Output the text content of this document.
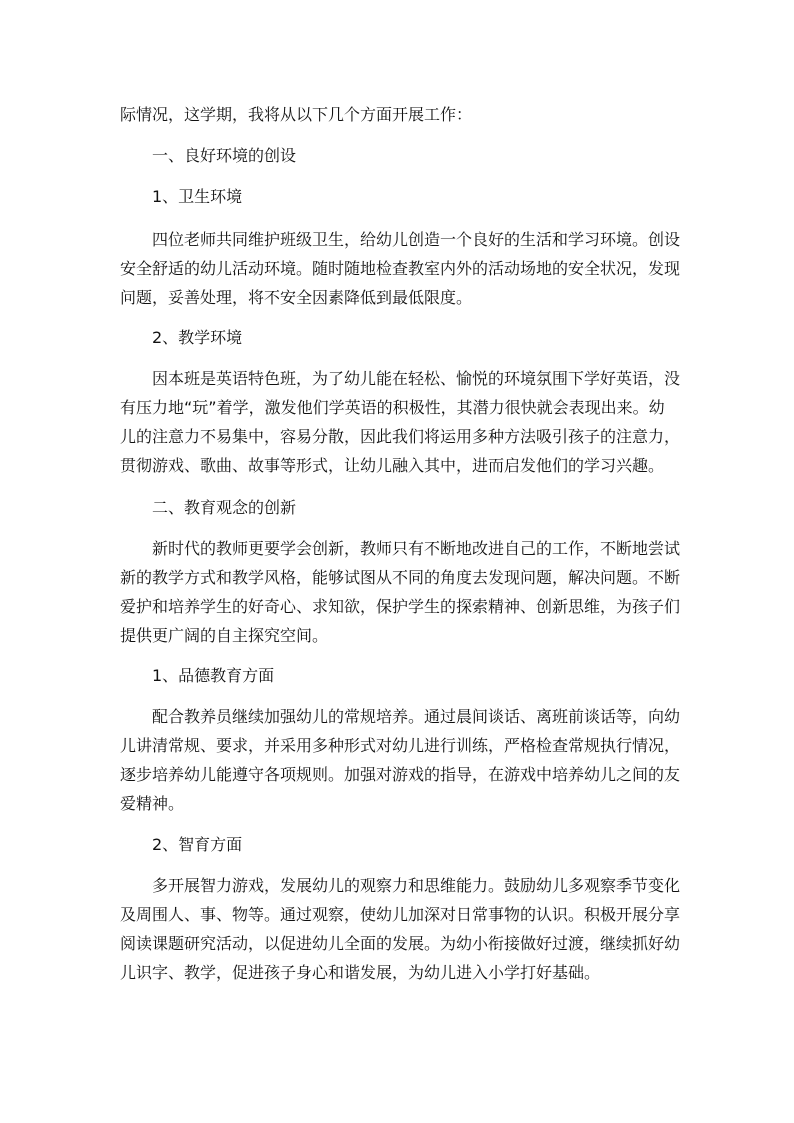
际情况，这学期，我将从以下几个方面开展工作：

一、良好环境的创设

1、卫生环境

四位老师共同维护班级卫生，给幼儿创造一个良好的生活和学习环境。创设

安全舒适的幼儿活动环境。随时随地检查教室内外的活动场地的安全状况，发现

问题，妥善处理，将不安全因素降低到最低限度。

2、教学环境

因本班是英语特色班，为了幼儿能在轻松、愉悦的环境氛围下学好英语，没

有压力地“玩”着学，激发他们学英语的积极性，其潜力很快就会表现出来。幼

儿的注意力不易集中，容易分散，因此我们将运用多种方法吸引孩子的注意力，

贯彻游戏、歌曲、故事等形式，让幼儿融入其中，进而启发他们的学习兴趣。

二、教育观念的创新

新时代的教师更要学会创新，教师只有不断地改进自己的工作，不断地尝试

新的教学方式和教学风格，能够试图从不同的角度去发现问题，解决问题。不断

爱护和培养学生的好奇心、求知欲，保护学生的探索精神、创新思维，为孩子们

提供更广阔的自主探究空间。

1、品德教育方面

配合教养员继续加强幼儿的常规培养。通过晨间谈话、离班前谈话等，向幼

儿讲清常规、要求，并采用多种形式对幼儿进行训练，严格检查常规执行情况，

逐步培养幼儿能遵守各项规则。加强对游戏的指导，在游戏中培养幼儿之间的友

爱精神。

2、智育方面

多开展智力游戏，发展幼儿的观察力和思维能力。鼓励幼儿多观察季节变化

及周围人、事、物等。通过观察，使幼儿加深对日常事物的认识。积极开展分享

阅读课题研究活动，以促进幼儿全面的发展。为幼小衔接做好过渡，继续抓好幼

儿识字、教学，促进孩子身心和谐发展，为幼儿进入小学打好基础。
